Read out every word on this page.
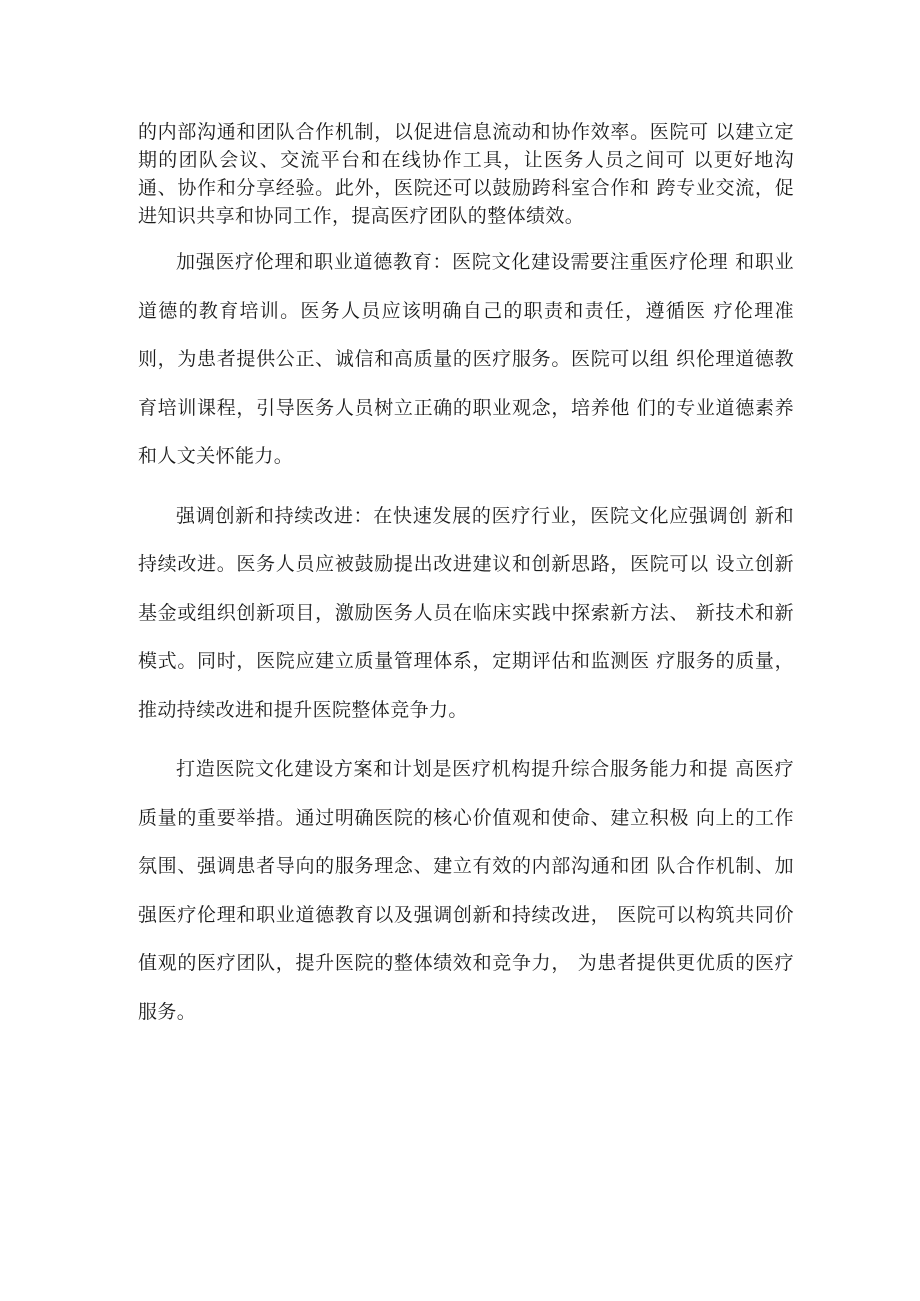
的内部沟通和团队合作机制，以促进信息流动和协作效率。医院可 以建立定期的团队会议、交流平台和在线协作工具，让医务人员之间可 以更好地沟通、协作和分享经验。此外，医院还可以鼓励跨科室合作和 跨专业交流，促进知识共享和协同工作，提高医疗团队的整体绩效。

加强医疗伦理和职业道德教育：医院文化建设需要注重医疗伦理 和职业道德的教育培训。医务人员应该明确自己的职责和责任，遵循医 疗伦理准则，为患者提供公正、诚信和高质量的医疗服务。医院可以组 织伦理道德教育培训课程，引导医务人员树立正确的职业观念，培养他 们的专业道德素养和人文关怀能力。

强调创新和持续改进：在快速发展的医疗行业，医院文化应强调创 新和持续改进。医务人员应被鼓励提出改进建议和创新思路，医院可以 设立创新基金或组织创新项目，激励医务人员在临床实践中探索新方法、 新技术和新模式。同时，医院应建立质量管理体系，定期评估和监测医 疗服务的质量，推动持续改进和提升医院整体竞争力。

打造医院文化建设方案和计划是医疗机构提升综合服务能力和提 高医疗质量的重要举措。通过明确医院的核心价值观和使命、建立积极 向上的工作氛围、强调患者导向的服务理念、建立有效的内部沟通和团 队合作机制、加强医疗伦理和职业道德教育以及强调创新和持续改进， 医院可以构筑共同价值观的医疗团队，提升医院的整体绩效和竞争力， 为患者提供更优质的医疗服务。
